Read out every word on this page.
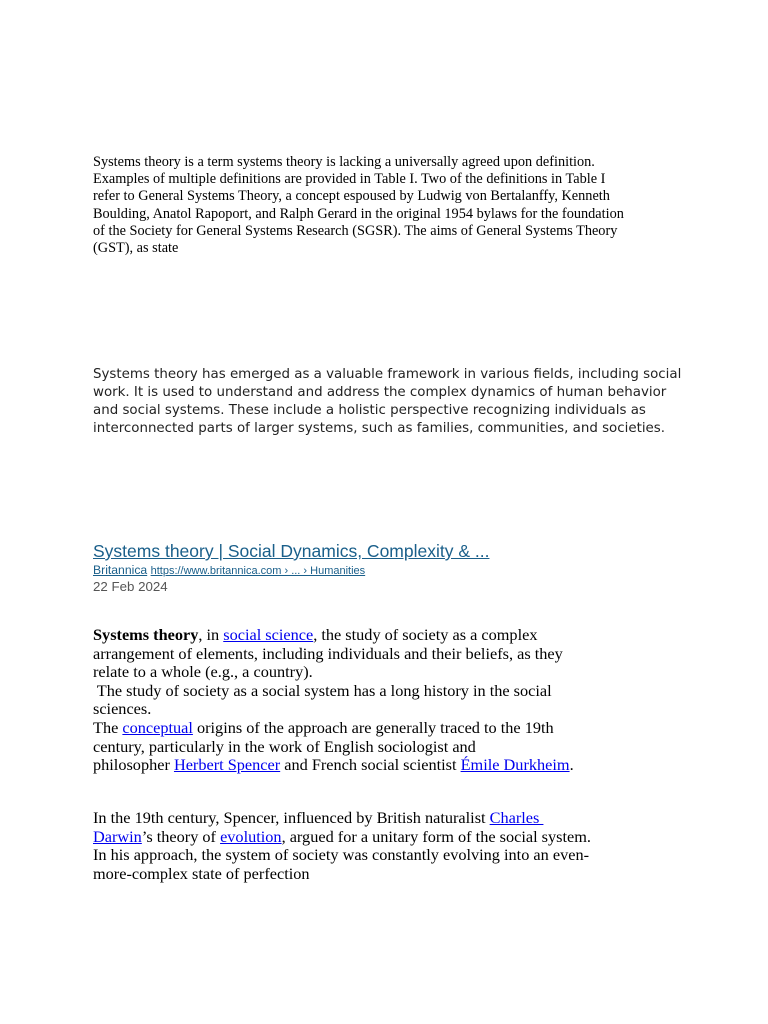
Systems theory is a term systems theory is lacking a universally agreed upon definition.
Examples of multiple definitions are provided in Table I. Two of the definitions in Table I
refer to General Systems Theory, a concept espoused by Ludwig von Bertalanffy, Kenneth
Boulding, Anatol Rapoport, and Ralph Gerard in the original 1954 bylaws for the foundation
of the Society for General Systems Research (SGSR). The aims of General Systems Theory
(GST), as state
Systems theory has emerged as a valuable framework in various fields, including social
work. It is used to understand and address the complex dynamics of human behavior
and social systems. These include a holistic perspective recognizing individuals as
interconnected parts of larger systems, such as families, communities, and societies.
Systems theory | Social Dynamics, Complexity & ...
Britannica https://www.britannica.com › ... › Humanities
22 Feb 2024
Systems theory, in social science, the study of society as a complex
arrangement of elements, including individuals and their beliefs, as they
relate to a whole (e.g., a country).
The study of society as a social system has a long history in the social
sciences.
The conceptual origins of the approach are generally traced to the 19th
century, particularly in the work of English sociologist and
philosopher Herbert Spencer and French social scientist Émile Durkheim.
In the 19th century, Spencer, influenced by British naturalist Charles
Darwin’s theory of evolution, argued for a unitary form of the social system.
In his approach, the system of society was constantly evolving into an even-
more-complex state of perfection
